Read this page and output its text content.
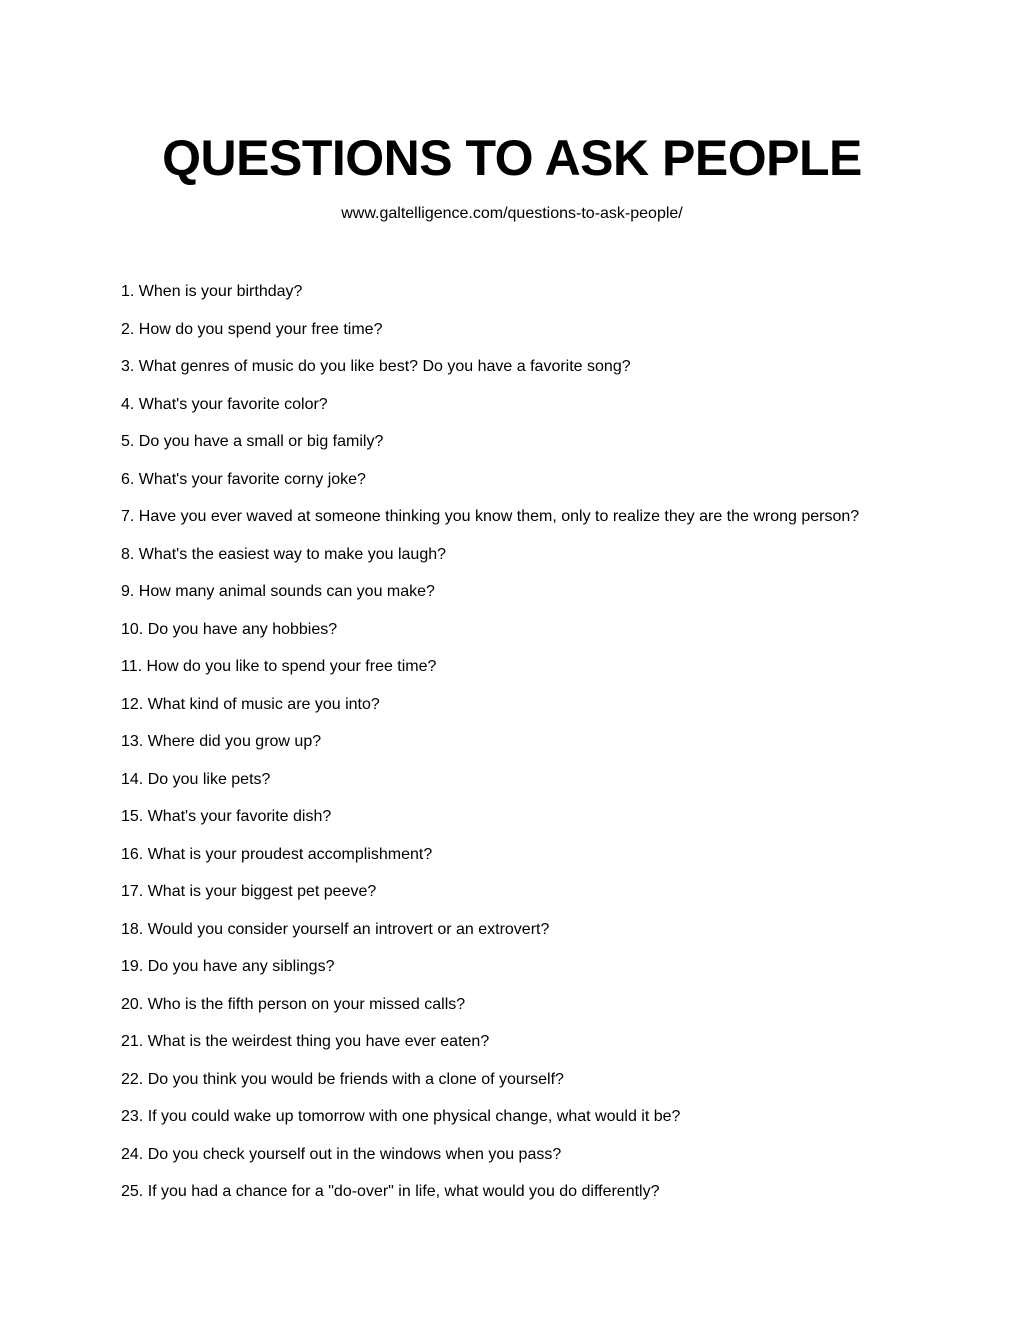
QUESTIONS TO ASK PEOPLE

www.galtelligence.com/questions-to-ask-people/

1. When is your birthday?
2. How do you spend your free time?
3. What genres of music do you like best? Do you have a favorite song?
4. What's your favorite color?
5. Do you have a small or big family?
6. What's your favorite corny joke?
7. Have you ever waved at someone thinking you know them, only to realize they are the wrong person?
8. What's the easiest way to make you laugh?
9. How many animal sounds can you make?
10. Do you have any hobbies?
11. How do you like to spend your free time?
12. What kind of music are you into?
13. Where did you grow up?
14. Do you like pets?
15. What's your favorite dish?
16. What is your proudest accomplishment?
17. What is your biggest pet peeve?
18. Would you consider yourself an introvert or an extrovert?
19. Do you have any siblings?
20. Who is the fifth person on your missed calls?
21. What is the weirdest thing you have ever eaten?
22. Do you think you would be friends with a clone of yourself?
23. If you could wake up tomorrow with one physical change, what would it be?
24. Do you check yourself out in the windows when you pass?
25. If you had a chance for a "do-over" in life, what would you do differently?
